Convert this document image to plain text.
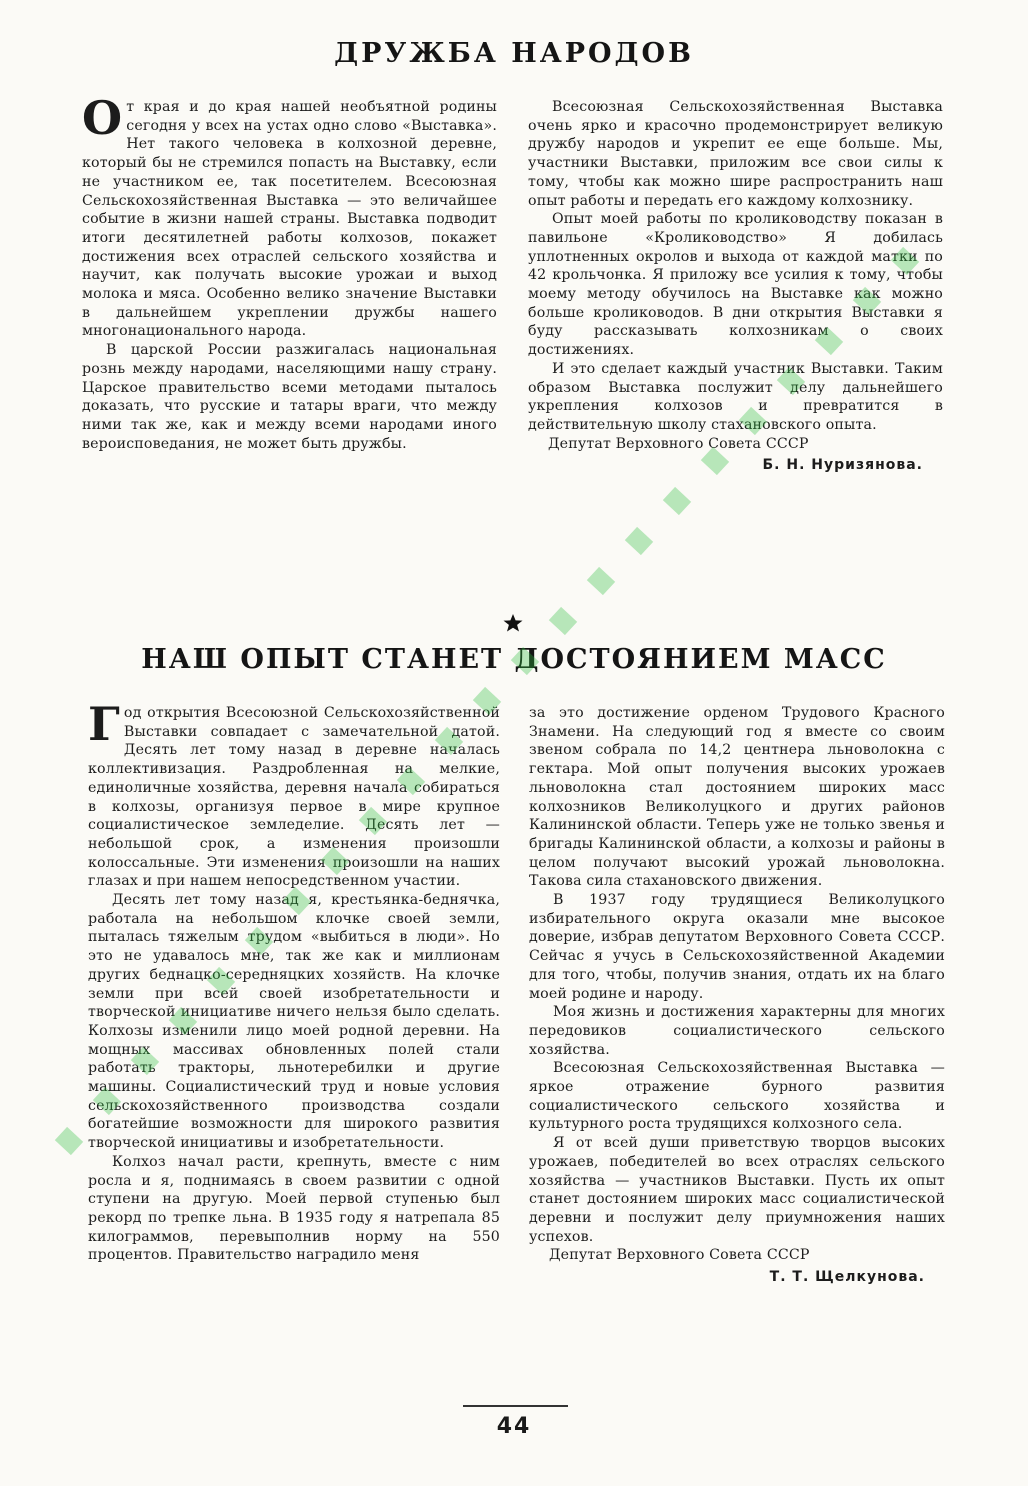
ДРУЖБА НАРОДОВ

От края и до края нашей необъятной родины сегодня у всех на устах одно слово «Выставка». Нет такого человека в колхозной деревне, который бы не стремился попасть на Выставку, если не участником ее, так посетителем. Всесоюзная Сельскохозяйственная Выставка — это величайшее событие в жизни нашей страны. Выставка подводит итоги десятилетней работы колхозов, покажет достижения всех отраслей сельского хозяйства и научит, как получать высокие урожаи и выход молока и мяса. Особенно велико значение Выставки в дальнейшем укреплении дружбы нашего многонационального народа.

В царской России разжигалась национальная рознь между народами, населяющими нашу страну. Царское правительство всеми методами пыталось доказать, что русские и татары враги, что между ними так же, как и между всеми народами иного вероисповедания, не может быть дружбы.

Всесоюзная Сельскохозяйственная Выставка очень ярко и красочно продемонстрирует великую дружбу народов и укрепит ее еще больше. Мы, участники Выставки, приложим все свои силы к тому, чтобы как можно шире распространить наш опыт работы и передать его каждому колхознику.

Опыт моей работы по кролиководству показан в павильоне «Кролиководство» Я добилась уплотненных окролов и выхода от каждой матки по 42 крольчонка. Я приложу все усилия к тому, чтобы моему методу обучилось на Выставке как можно больше кролиководов. В дни открытия Выставки я буду рассказывать колхозникам о своих достижениях.

И это сделает каждый участник Выставки. Таким образом Выставка послужит делу дальнейшего укрепления колхозов и превратится в действительную школу стахановского опыта.

Депутат Верховного Совета СССР

Б. Н. Нуризянова.

НАШ ОПЫТ СТАНЕТ ДОСТОЯНИЕМ МАСС

Год открытия Всесоюзной Сельскохозяйственной Выставки совпадает с замечательной датой. Десять лет тому назад в деревне началась коллективизация. Раздробленная на мелкие, единоличные хозяйства, деревня начала собираться в колхозы, организуя первое в мире крупное социалистическое земледелие. Десять лет — небольшой срок, а изменения произошли колоссальные. Эти изменения произошли на наших глазах и при нашем непосредственном участии.

Десять лет тому назад я, крестьянка-беднячка, работала на небольшом клочке своей земли, пыталась тяжелым трудом «выбиться в люди». Но это не удавалось мне, так же как и миллионам других беднацко-середняцких хозяйств. На клочке земли при всей своей изобретательности и творческой инициативе ничего нельзя было сделать. Колхозы изменили лицо моей родной деревни. На мощных массивах обновленных полей стали работать тракторы, льнотеребилки и другие машины. Социалистический труд и новые условия сельскохозяйственного производства создали богатейшие возможности для широкого развития творческой инициативы и изобретательности.

Колхоз начал расти, крепнуть, вместе с ним росла и я, поднимаясь в своем развитии с одной ступени на другую. Моей первой ступенью был рекорд по трепке льна. В 1935 году я натрепала 85 килограммов, перевыполнив норму на 550 процентов. Правительство наградило меня

за это достижение орденом Трудового Красного Знамени. На следующий год я вместе со своим звеном собрала по 14,2 центнера льноволокна с гектара. Мой опыт получения высоких урожаев льноволокна стал достоянием широких масс колхозников Великолуцкого и других районов Калининской области. Теперь уже не только звенья и бригады Калининской области, а колхозы и районы в целом получают высокий урожай льноволокна. Такова сила стахановского движения.

В 1937 году трудящиеся Великолуцкого избирательного округа оказали мне высокое доверие, избрав депутатом Верховного Совета СССР. Сейчас я учусь в Сельскохозяйственной Академии для того, чтобы, получив знания, отдать их на благо моей родине и народу.

Моя жизнь и достижения характерны для многих передовиков социалистического сельского хозяйства.

Всесоюзная Сельскохозяйственная Выставка — яркое отражение бурного развития социалистического сельского хозяйства и культурного роста трудящихся колхозного села.

Я от всей души приветствую творцов высоких урожаев, победителей во всех отраслях сельского хозяйства — участников Выставки. Пусть их опыт станет достоянием широких масс социалистической деревни и послужит делу приумножения наших успехов.

Депутат Верховного Совета СССР

Т. Т. Щелкунова.

44
